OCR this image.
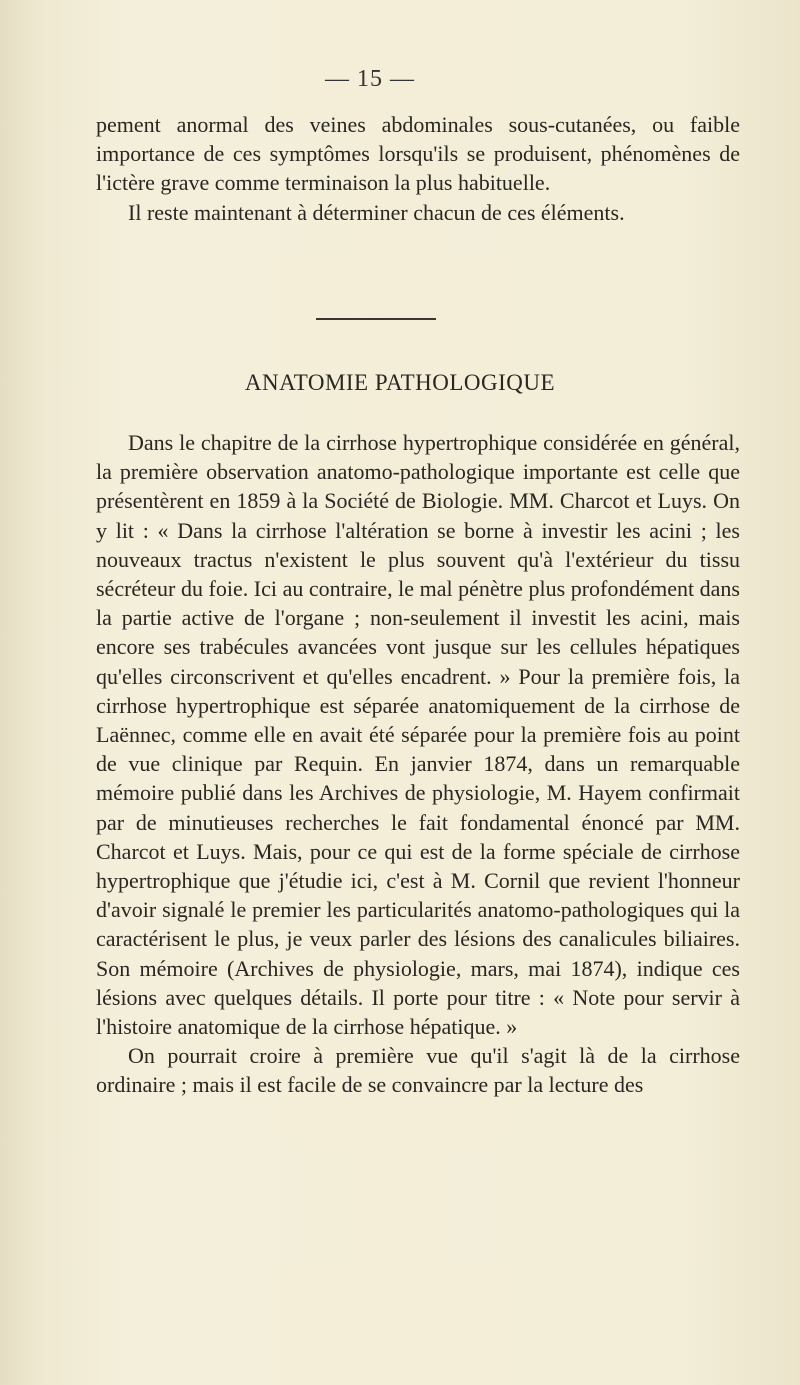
— 15 —

pement anormal des veines abdominales sous-cutanées, ou faible importance de ces symptômes lorsqu'ils se produisent, phénomènes de l'ictère grave comme terminaison la plus habituelle.

Il reste maintenant à déterminer chacun de ces éléments.

ANATOMIE PATHOLOGIQUE

Dans le chapitre de la cirrhose hypertrophique considérée en général, la première observation anatomo-pathologique importante est celle que présentèrent en 1859 à la Société de Biologie. MM. Charcot et Luys. On y lit : « Dans la cirrhose l'altération se borne à investir les acini ; les nouveaux tractus n'existent le plus souvent qu'à l'extérieur du tissu sécréteur du foie. Ici au contraire, le mal pénètre plus profondément dans la partie active de l'organe ; non-seulement il investit les acini, mais encore ses trabécules avancées vont jusque sur les cellules hépatiques qu'elles circonscrivent et qu'elles encadrent. » Pour la première fois, la cirrhose hypertrophique est séparée anatomiquement de la cirrhose de Laënnec, comme elle en avait été séparée pour la première fois au point de vue clinique par Requin. En janvier 1874, dans un remarquable mémoire publié dans les Archives de physiologie, M. Hayem confirmait par de minutieuses recherches le fait fondamental énoncé par MM. Charcot et Luys. Mais, pour ce qui est de la forme spéciale de cirrhose hypertrophique que j'étudie ici, c'est à M. Cornil que revient l'honneur d'avoir signalé le premier les particularités anatomo-pathologiques qui la caractérisent le plus, je veux parler des lésions des canalicules biliaires. Son mémoire (Archives de physiologie, mars, mai 1874), indique ces lésions avec quelques détails. Il porte pour titre : « Note pour servir à l'histoire anatomique de la cirrhose hépatique. »

On pourrait croire à première vue qu'il s'agit là de la cirrhose ordinaire ; mais il est facile de se convaincre par la lecture des
